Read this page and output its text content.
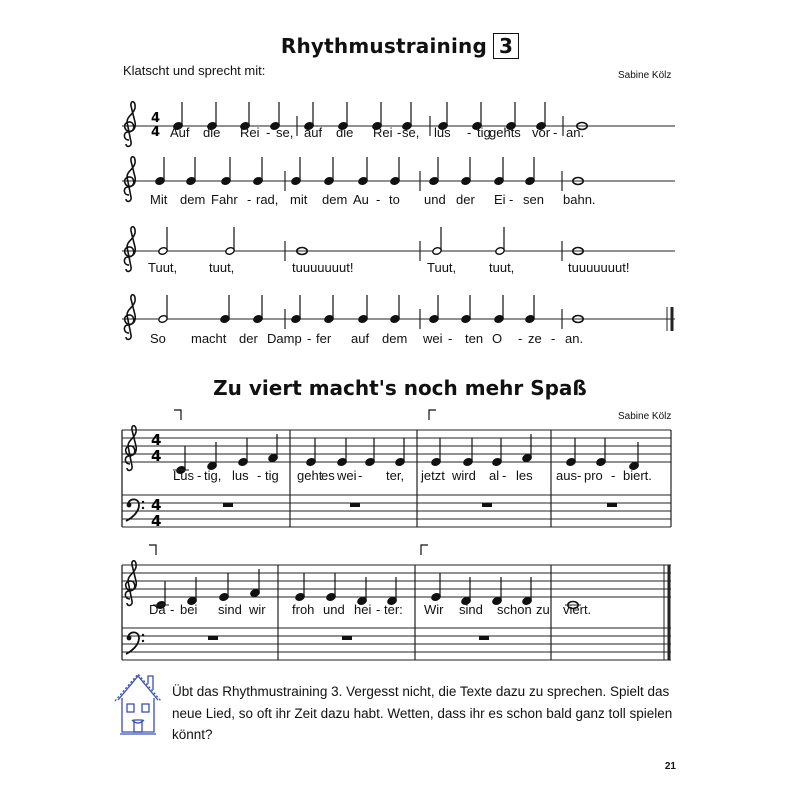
Rhythmustraining 3
Klatscht und sprecht mit:	Sabine Kölz
4
4 Auf die Rei - se, auf die Rei - se, lus - tig
gehts vor - an.
Mit dem Fahr - rad, mit dem Au - to und der Ei - sen bahn.
Tuut, tuut,	tuuuuuuut!	Tuut,	tuut,	tuuuuuuut!
So macht der Damp - fer auf dem wei - ten O - ze - an.
Zu viert macht's noch mehr Spaß
Sabine Kölz
4
4
4
4
Lus - tig, lus - tig geht
es wei - ter, jetzt wird al - les aus - pro - biert.
Da - bei sind wir froh und hei - ter: Wir sind schon zu viert.
Übt das Rhythmustraining 3. Vergesst nicht, die Texte dazu zu sprechen. Spielt das neue Lied, so oft ihr Zeit dazu habt. Wetten, dass ihr es schon bald ganz toll spielen könnt?
21
